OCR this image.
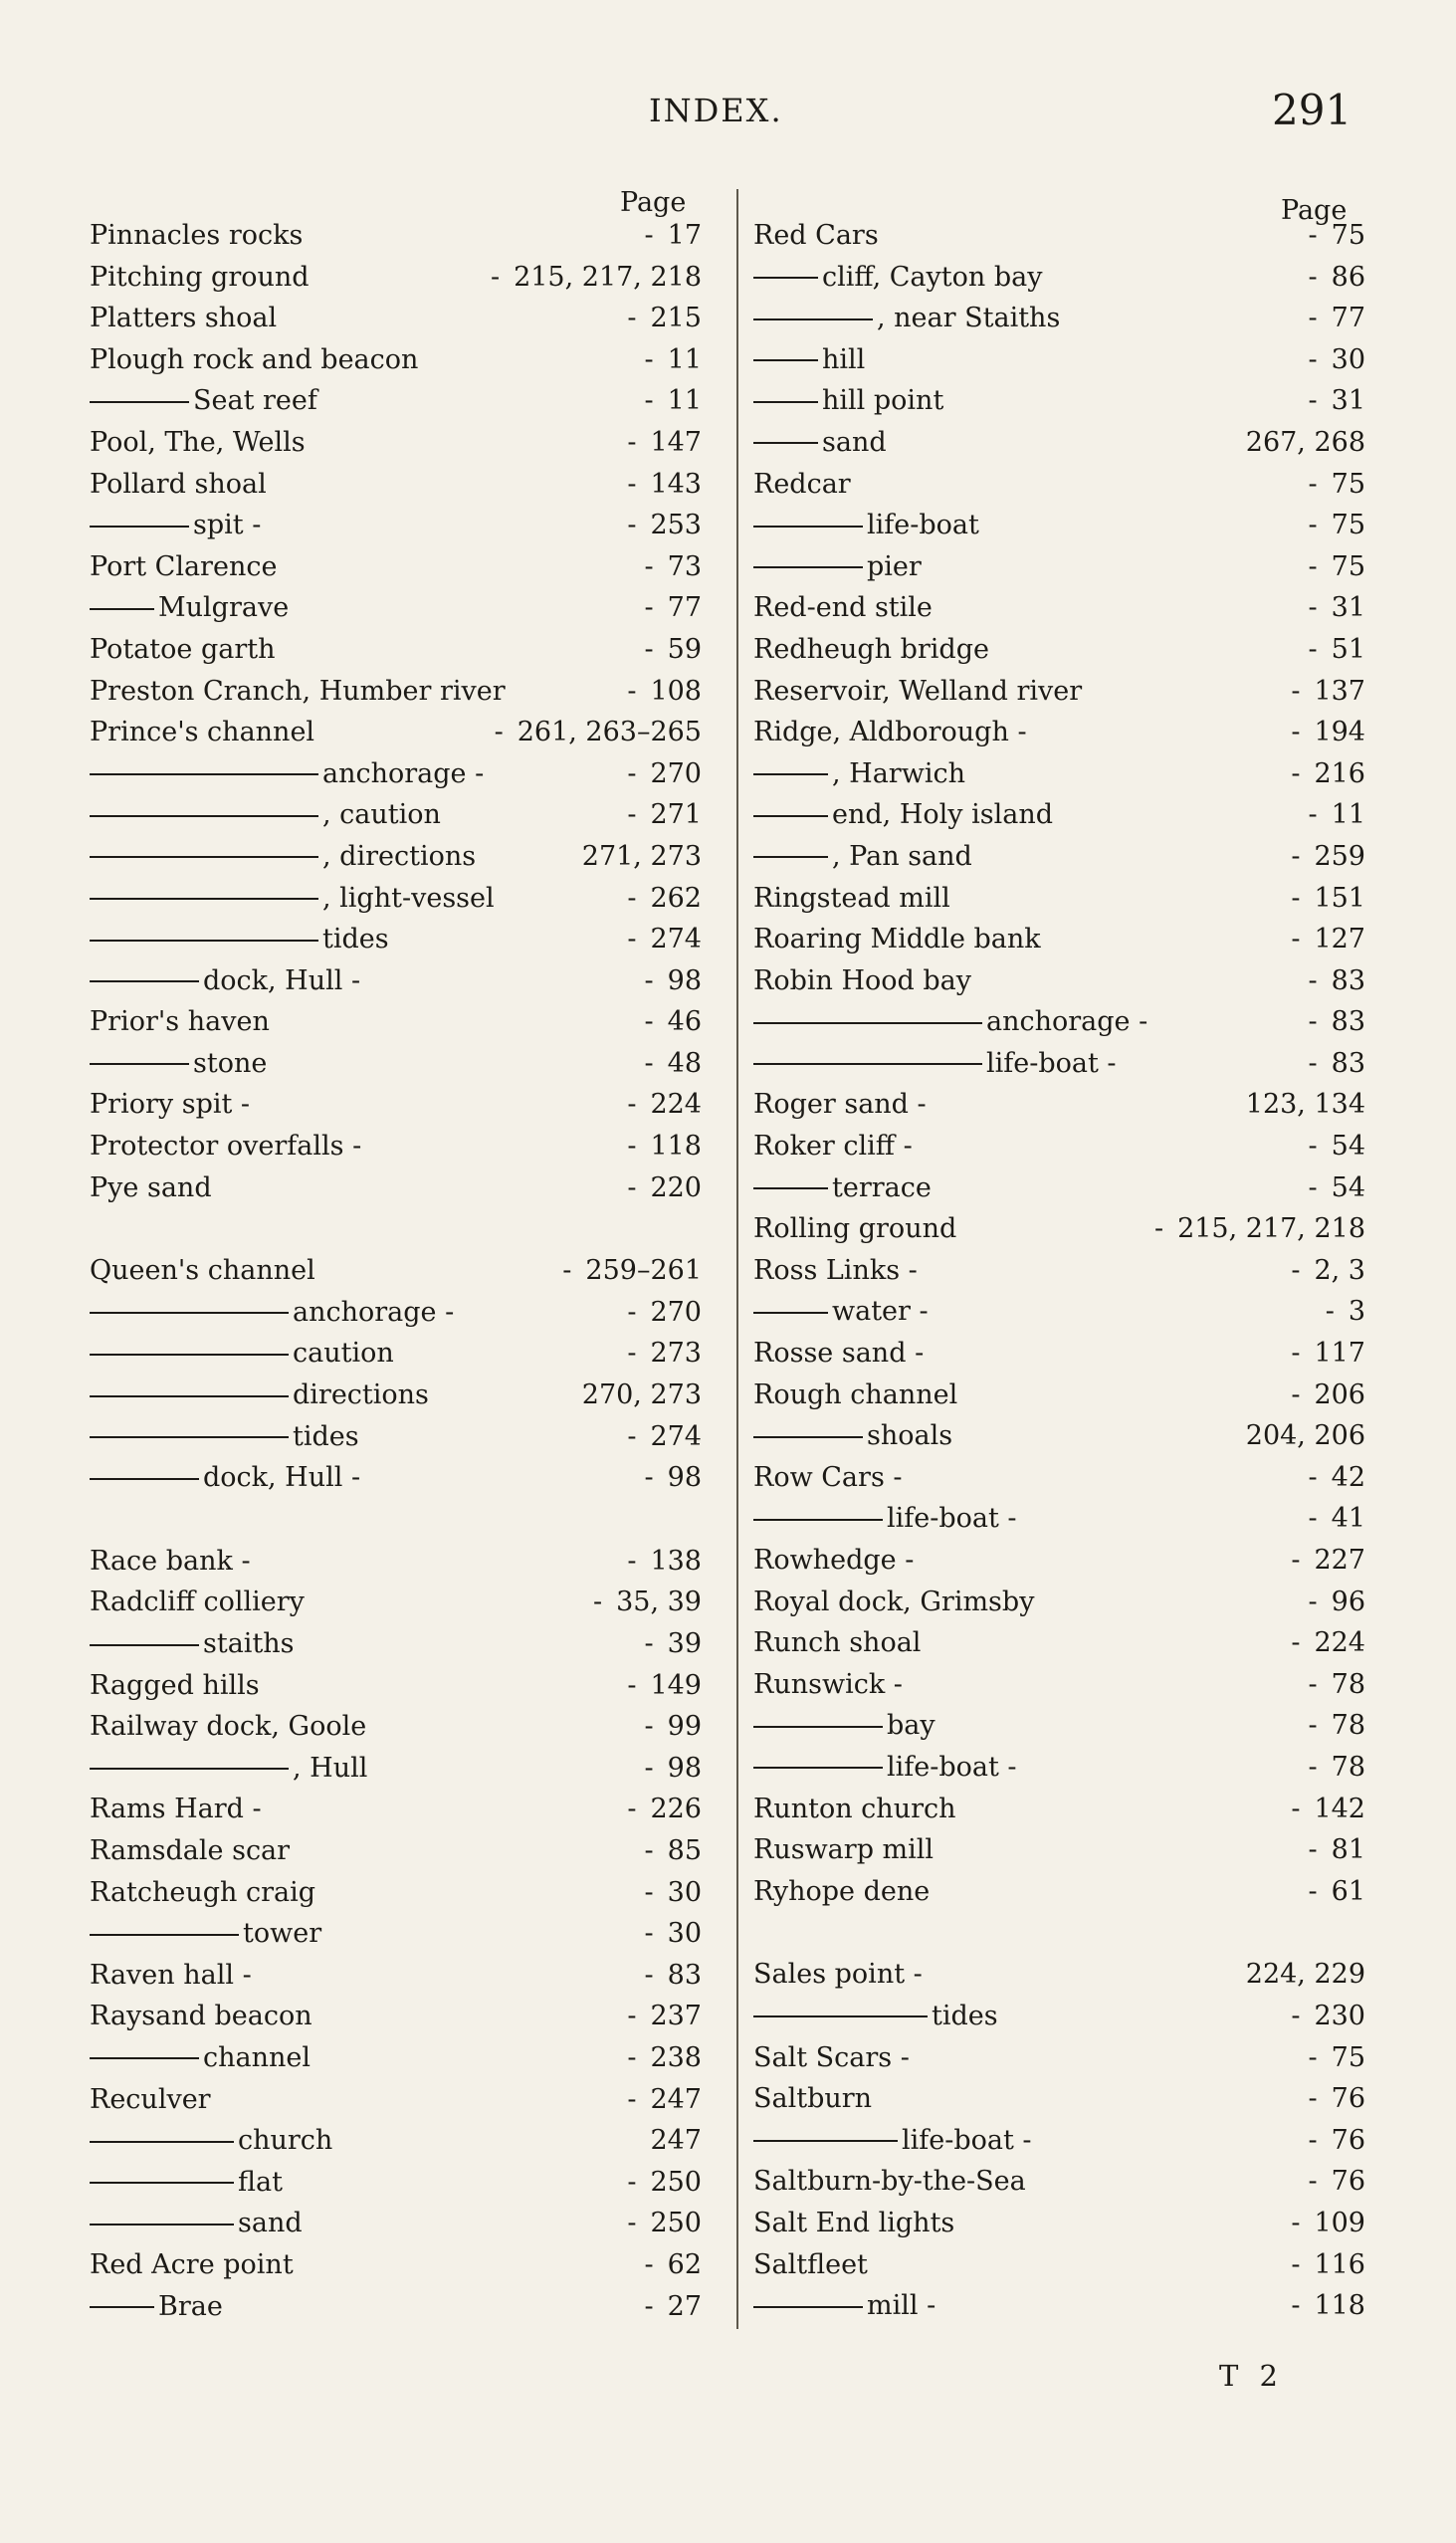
INDEX.	291
Page
Pinnacles rocks	- 17
Pitching ground	- 215, 217, 218
Platters shoal	- 215
Plough rock and beacon	- 11
Seat reef	- 11
Pool, The, Wells	- 147
Pollard shoal	- 143
spit -	- 253
Port Clarence	- 73
Mulgrave	- 77
Potatoe garth	- 59
Preston Cranch, Humber river	- 108
Prince's channel	- 261, 263–265
anchorage -	- 270
, caution	- 271
, directions	271, 273
, light-vessel	- 262
tides	- 274
dock, Hull -	- 98
Prior's haven	- 46
stone	- 48
Priory spit -	- 224
Protector overfalls -	- 118
Pye sand	- 220
Queen's channel	- 259–261
anchorage -	- 270
caution	- 273
directions	270, 273
tides	- 274
dock, Hull -	- 98
Race bank -	- 138
Radcliff colliery	- 35, 39
staiths	- 39
Ragged hills	- 149
Railway dock, Goole	- 99
, Hull	- 98
Rams Hard -	- 226
Ramsdale scar	- 85
Ratcheugh craig	- 30
tower	- 30
Raven hall -	- 83
Raysand beacon	- 237
channel	- 238
Reculver	- 247
church	247
flat	- 250
sand	- 250
Red Acre point	- 62
Brae	- 27
Page
Red Cars	- 75
cliff, Cayton bay	- 86
, near Staiths	- 77
hill	- 30
hill point	- 31
sand	267, 268
Redcar	- 75
life-boat	- 75
pier	- 75
Red-end stile	- 31
Redheugh bridge	- 51
Reservoir, Welland river	- 137
Ridge, Aldborough -	- 194
, Harwich	- 216
end, Holy island	- 11
, Pan sand	- 259
Ringstead mill	- 151
Roaring Middle bank	- 127
Robin Hood bay	- 83
anchorage -	- 83
life-boat -	- 83
Roger sand -	123, 134
Roker cliff -	- 54
terrace	- 54
Rolling ground	- 215, 217, 218
Ross Links -	- 2, 3
water -	- 3
Rosse sand -	- 117
Rough channel	- 206
shoals	204, 206
Row Cars -	- 42
life-boat -	- 41
Rowhedge -	- 227
Royal dock, Grimsby	- 96
Runch shoal	- 224
Runswick -	- 78
bay	- 78
life-boat -	- 78
Runton church	- 142
Ruswarp mill	- 81
Ryhope dene	- 61
Sales point -	224, 229
tides	- 230
Salt Scars -	- 75
Saltburn	- 76
life-boat -	- 76
Saltburn-by-the-Sea	- 76
Salt End lights	- 109
Saltfleet	- 116
mill -	- 118
T 2
